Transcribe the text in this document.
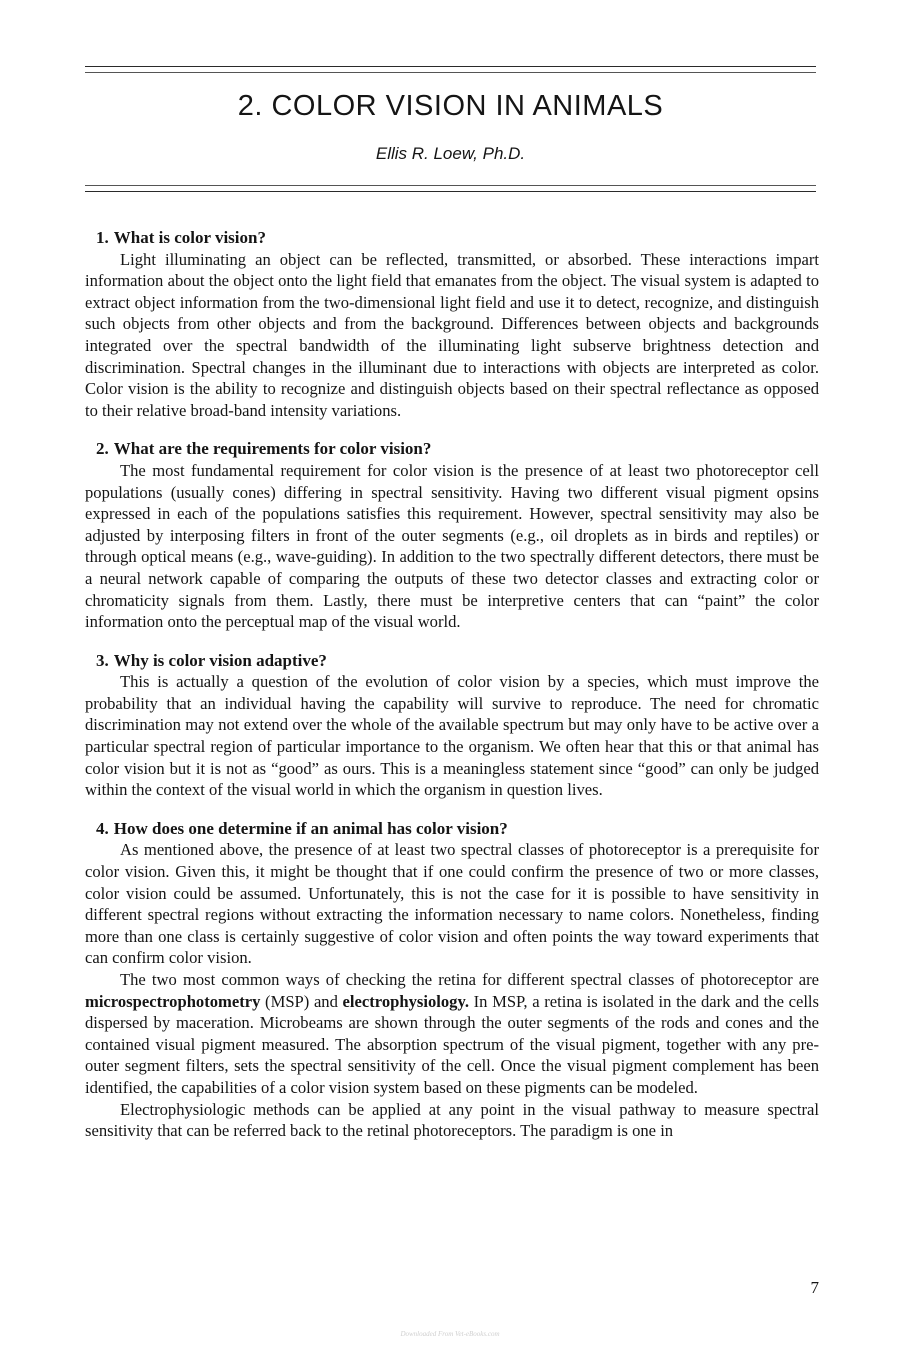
2. COLOR VISION IN ANIMALS
Ellis R. Loew, Ph.D.

1. What is color vision?

Light illuminating an object can be reflected, transmitted, or absorbed. These interactions impart information about the object onto the light field that emanates from the object. The visual system is adapted to extract object information from the two-dimensional light field and use it to detect, recognize, and distinguish such objects from other objects and from the background. Differences between objects and backgrounds integrated over the spectral bandwidth of the illuminating light subserve brightness detection and discrimination. Spectral changes in the illuminant due to interactions with objects are interpreted as color. Color vision is the ability to recognize and distinguish objects based on their spectral reflectance as opposed to their relative broad-band intensity variations.

2. What are the requirements for color vision?

The most fundamental requirement for color vision is the presence of at least two photoreceptor cell populations (usually cones) differing in spectral sensitivity. Having two different visual pigment opsins expressed in each of the populations satisfies this requirement. However, spectral sensitivity may also be adjusted by interposing filters in front of the outer segments (e.g., oil droplets as in birds and reptiles) or through optical means (e.g., wave-guiding). In addition to the two spectrally different detectors, there must be a neural network capable of comparing the outputs of these two detector classes and extracting color or chromaticity signals from them. Lastly, there must be interpretive centers that can “paint” the color information onto the perceptual map of the visual world.

3. Why is color vision adaptive?

This is actually a question of the evolution of color vision by a species, which must improve the probability that an individual having the capability will survive to reproduce. The need for chromatic discrimination may not extend over the whole of the available spectrum but may only have to be active over a particular spectral region of particular importance to the organism. We often hear that this or that animal has color vision but it is not as “good” as ours. This is a meaningless statement since “good” can only be judged within the context of the visual world in which the organism in question lives.

4. How does one determine if an animal has color vision?

As mentioned above, the presence of at least two spectral classes of photoreceptor is a prerequisite for color vision. Given this, it might be thought that if one could confirm the presence of two or more classes, color vision could be assumed. Unfortunately, this is not the case for it is possible to have sensitivity in different spectral regions without extracting the information necessary to name colors. Nonetheless, finding more than one class is certainly suggestive of color vision and often points the way toward experiments that can confirm color vision.

The two most common ways of checking the retina for different spectral classes of photoreceptor are microspectrophotometry (MSP) and electrophysiology. In MSP, a retina is isolated in the dark and the cells dispersed by maceration. Microbeams are shown through the outer segments of the rods and cones and the contained visual pigment measured. The absorption spectrum of the visual pigment, together with any pre-outer segment filters, sets the spectral sensitivity of the cell. Once the visual pigment complement has been identified, the capabilities of a color vision system based on these pigments can be modeled.

Electrophysiologic methods can be applied at any point in the visual pathway to measure spectral sensitivity that can be referred back to the retinal photoreceptors. The paradigm is one in

7
Downloaded From Vet-eBooks.com
